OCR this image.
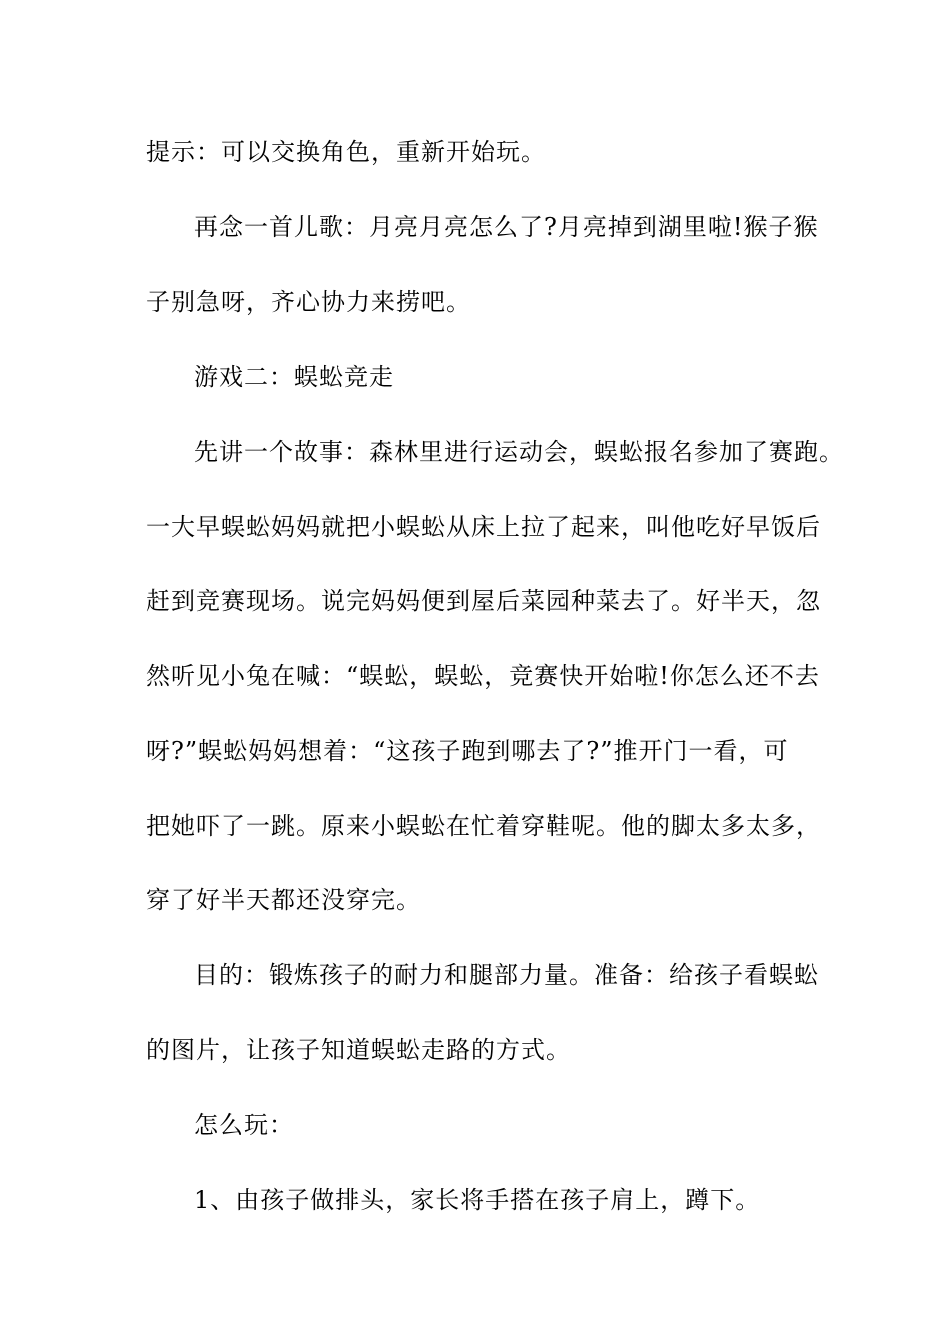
提示：可以交换角色，重新开始玩。
再念一首儿歌：月亮月亮怎么了?月亮掉到湖里啦!猴子猴
子别急呀，齐心协力来捞吧。
游戏二：蜈蚣竞走
先讲一个故事：森林里进行运动会，蜈蚣报名参加了赛跑。
一大早蜈蚣妈妈就把小蜈蚣从床上拉了起来，叫他吃好早饭后
赶到竞赛现场。说完妈妈便到屋后菜园种菜去了。好半天，忽
然听见小兔在喊：“蜈蚣，蜈蚣，竞赛快开始啦!你怎么还不去
呀?”蜈蚣妈妈想着：“这孩子跑到哪去了?”推开门一看，可
把她吓了一跳。原来小蜈蚣在忙着穿鞋呢。他的脚太多太多，
穿了好半天都还没穿完。
目的：锻炼孩子的耐力和腿部力量。准备：给孩子看蜈蚣
的图片，让孩子知道蜈蚣走路的方式。
怎么玩：
1、由孩子做排头，家长将手搭在孩子肩上，蹲下。
